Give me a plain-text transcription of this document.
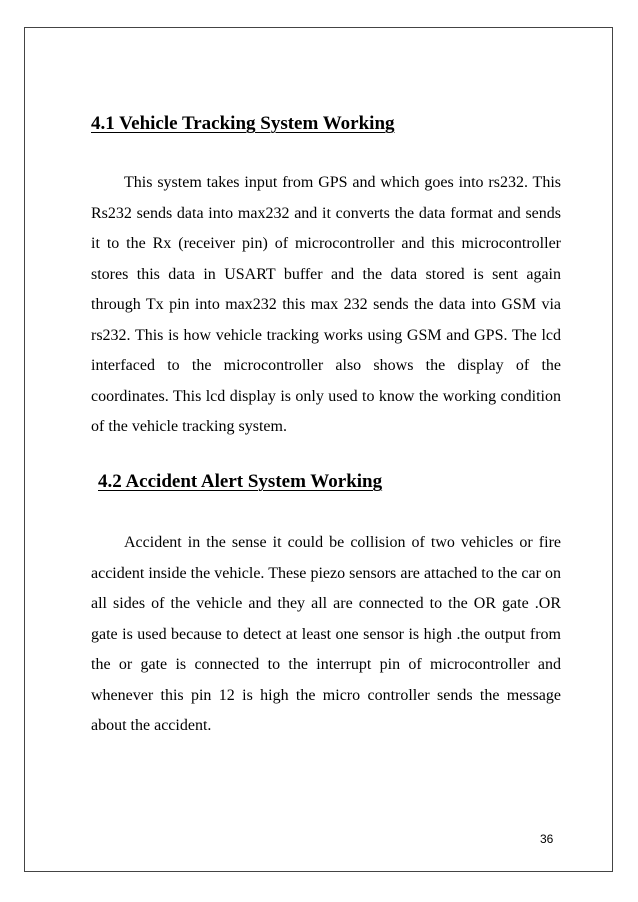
4.1 Vehicle Tracking System Working

This system takes input from GPS and which goes into rs232. This Rs232 sends data into max232 and it converts the data format and sends it to the Rx (receiver pin) of microcontroller and this microcontroller stores this data in USART buffer and the data stored is sent again through Tx pin into max232 this max 232 sends the data into GSM via rs232. This is how vehicle tracking works using GSM and GPS. The lcd interfaced to the microcontroller also shows the display of the coordinates. This lcd display is only used to know the working condition of the vehicle tracking system.

4.2 Accident Alert System Working

Accident in the sense it could be collision of two vehicles or fire accident inside the vehicle. These piezo sensors are attached to the car on all sides of the vehicle and they all are connected to the OR gate .OR gate is used because to detect at least one sensor is high .the output from the or gate is connected to the interrupt pin of microcontroller and whenever this pin 12 is high the micro controller sends the message about the accident.

36
